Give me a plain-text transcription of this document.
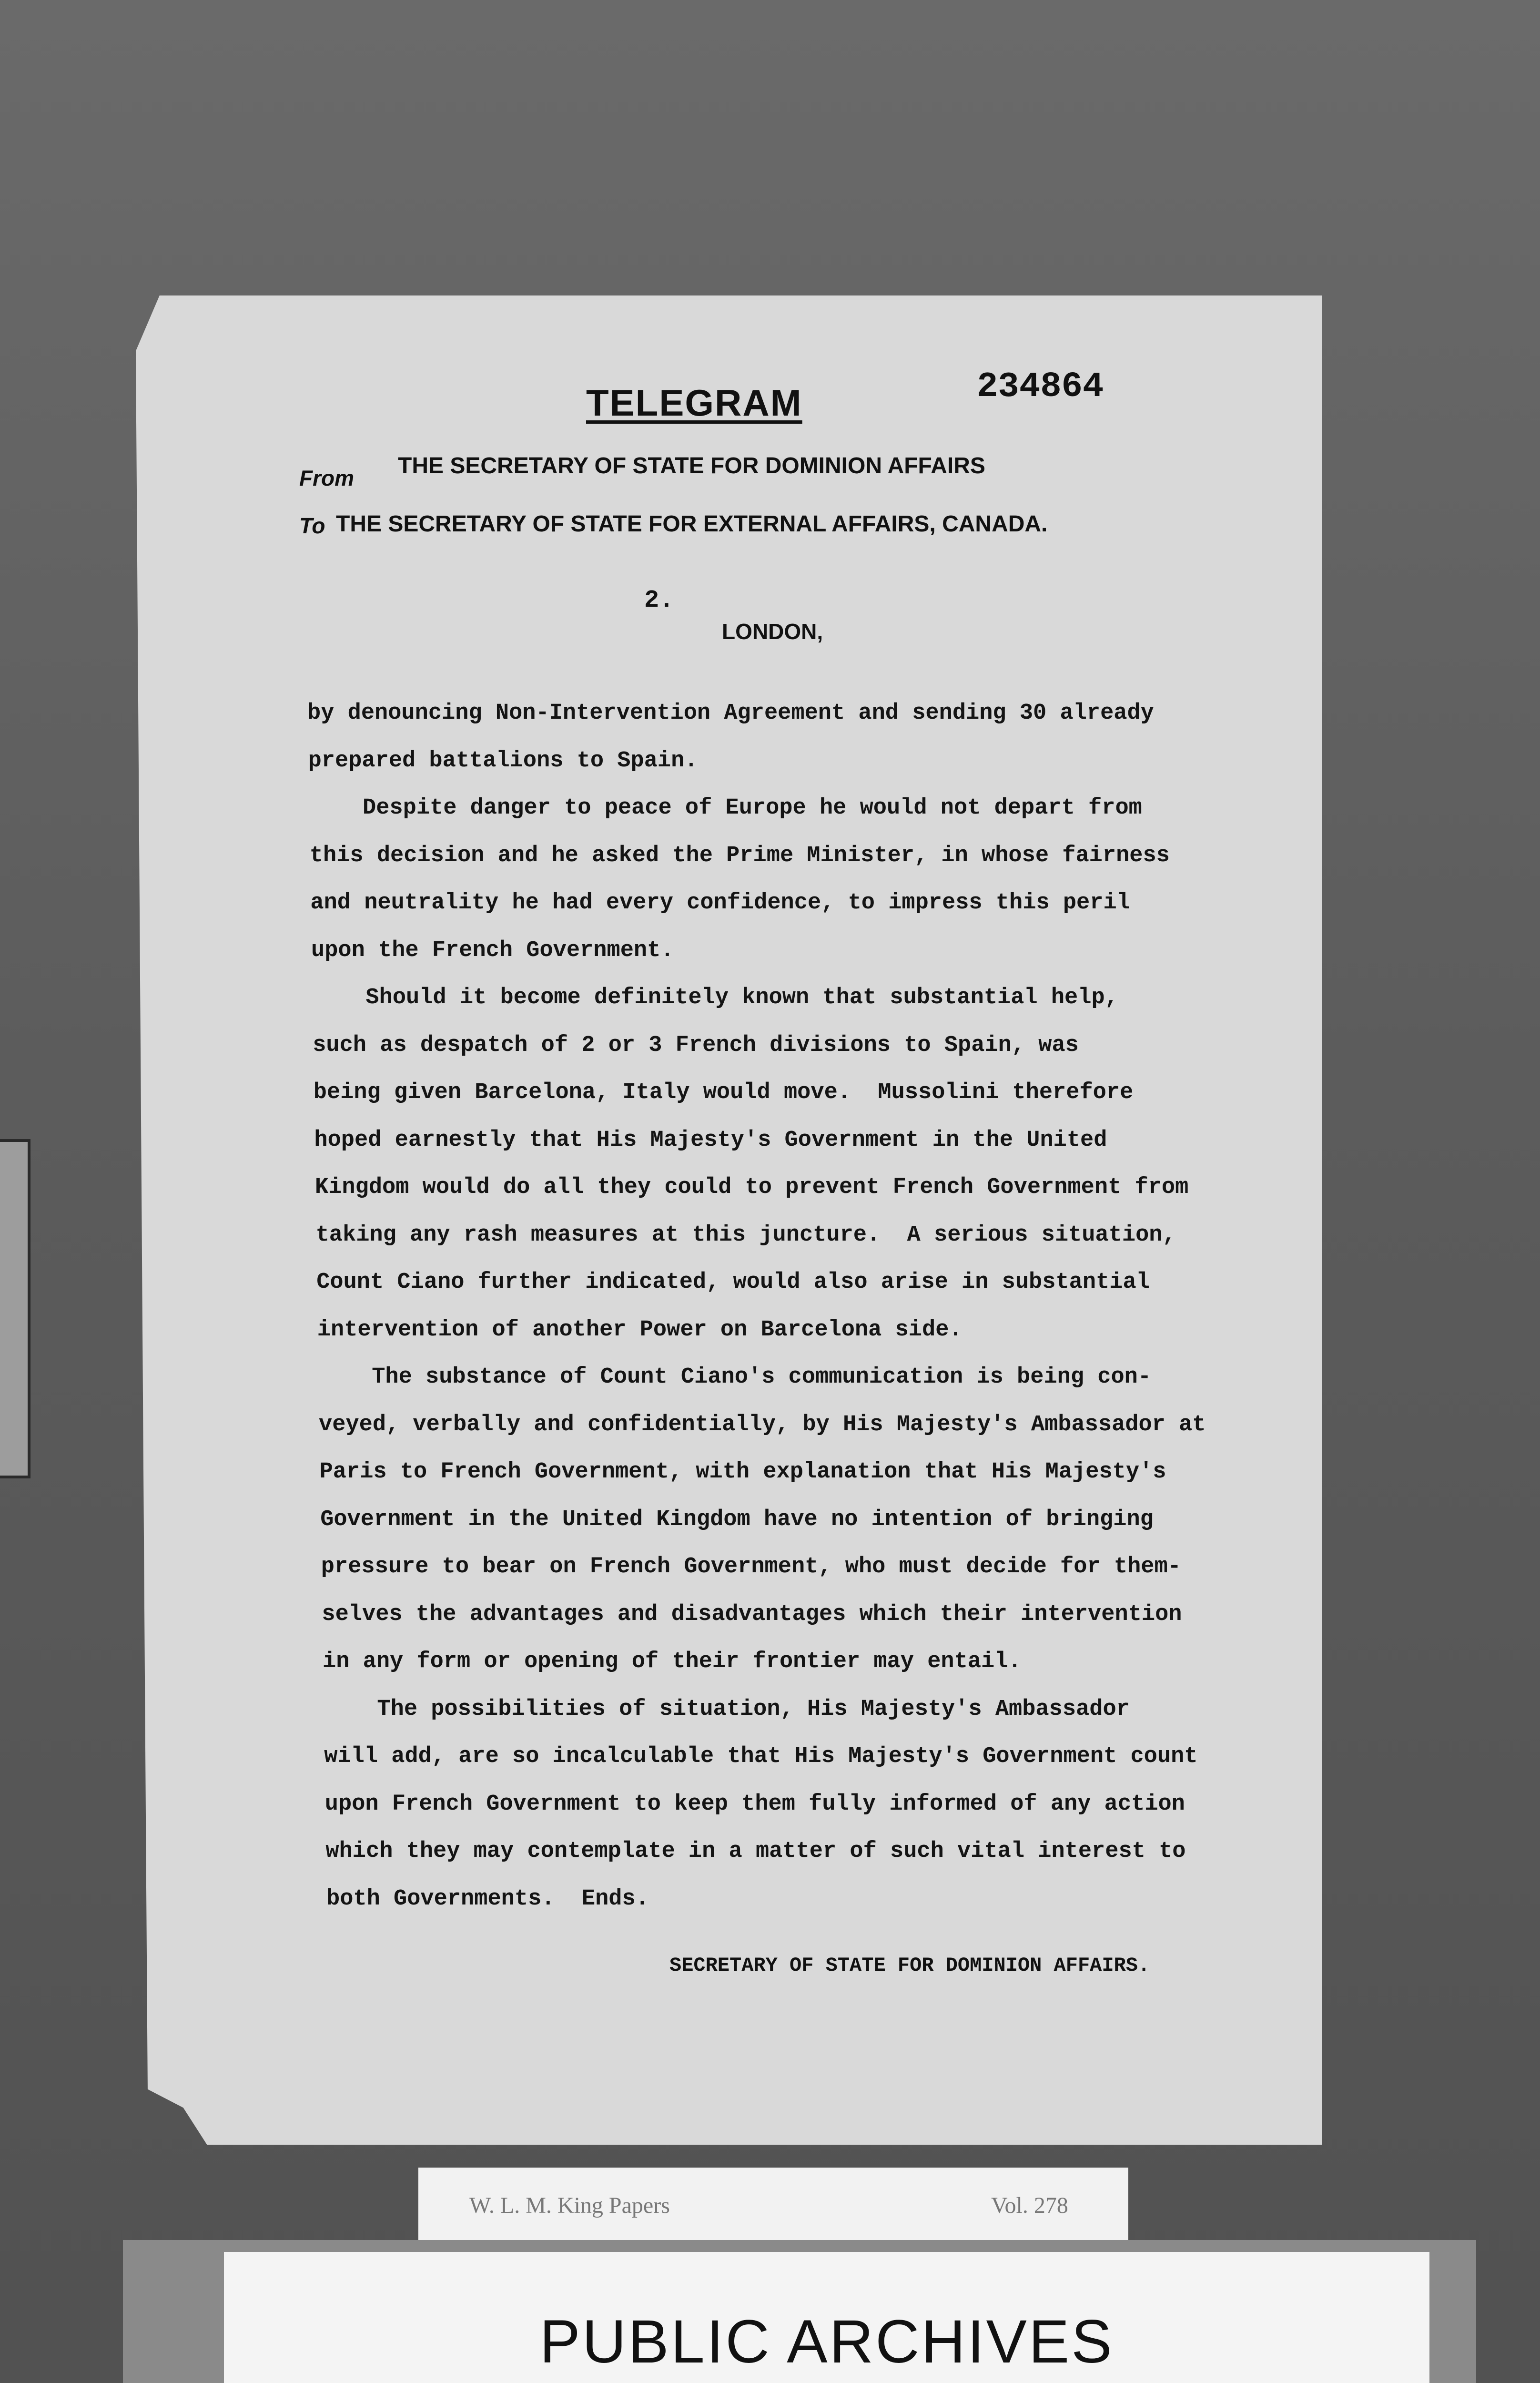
TELEGRAM	234864
From THE SECRETARY OF STATE FOR DOMINION AFFAIRS
To THE SECRETARY OF STATE FOR EXTERNAL AFFAIRS, CANADA.
2.
LONDON,
by denouncing Non-Intervention Agreement and sending 30 already
prepared battalions to Spain.
Despite danger to peace of Europe he would not depart from
this decision and he asked the Prime Minister, in whose fairness
and neutrality he had every confidence, to impress this peril
upon the French Government.
Should it become definitely known that substantial help,
such as despatch of 2 or 3 French divisions to Spain, was
being given Barcelona, Italy would move.  Mussolini therefore
hoped earnestly that His Majesty's Government in the United
Kingdom would do all they could to prevent French Government from
taking any rash measures at this juncture.  A serious situation,
Count Ciano further indicated, would also arise in substantial
intervention of another Power on Barcelona side.
The substance of Count Ciano's communication is being con-
veyed, verbally and confidentially, by His Majesty's Ambassador at
Paris to French Government, with explanation that His Majesty's
Government in the United Kingdom have no intention of bringing
pressure to bear on French Government, who must decide for them-
selves the advantages and disadvantages which their intervention
in any form or opening of their frontier may entail.
The possibilities of situation, His Majesty's Ambassador
will add, are so incalculable that His Majesty's Government count
upon French Government to keep them fully informed of any action
which they may contemplate in a matter of such vital interest to
both Governments.  Ends.
SECRETARY OF STATE FOR DOMINION AFFAIRS.
W. L. M. King Papers	Vol. 278
PUBLIC ARCHIVES
